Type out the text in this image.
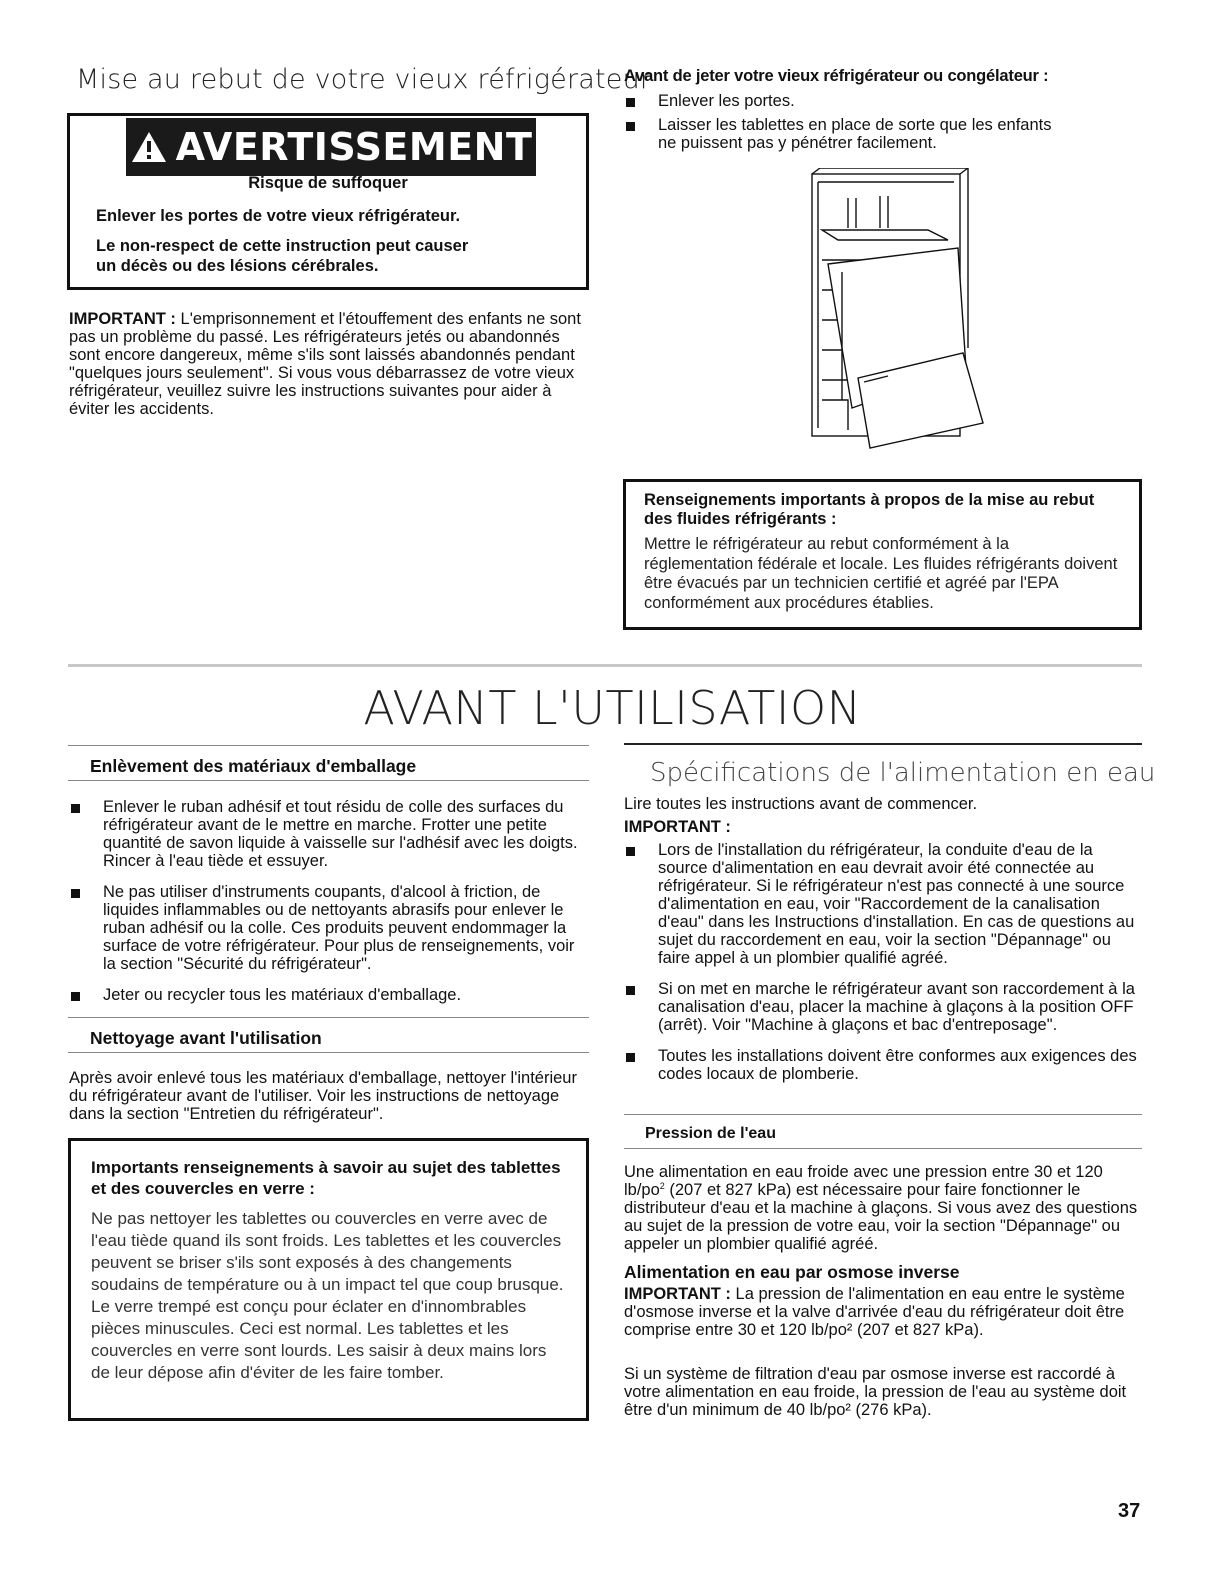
Mise au rebut de votre vieux réfrigérateur
AVERTISSEMENT
Risque de suffoquer
Enlever les portes de votre vieux réfrigérateur.
Le non-respect de cette instruction peut causer
un décès ou des lésions cérébrales.

IMPORTANT : L'emprisonnement et l'étouffement des enfants ne sont pas un problème du passé. Les réfrigérateurs jetés ou abandonnés sont encore dangereux, même s'ils sont laissés abandonnés pendant "quelques jours seulement". Si vous vous débarrassez de votre vieux réfrigérateur, veuillez suivre les instructions suivantes pour aider à éviter les accidents.

Avant de jeter votre vieux réfrigérateur ou congélateur :
Enlever les portes.
Laisser les tablettes en place de sorte que les enfants ne puissent pas y pénétrer facilement.

Renseignements importants à propos de la mise au rebut des fluides réfrigérants :

Mettre le réfrigérateur au rebut conformément à la réglementation fédérale et locale. Les fluides réfrigérants doivent être évacués par un technicien certifié et agréé par l'EPA conformément aux procédures établies.

AVANT L'UTILISATION
Enlèvement des matériaux d'emballage
Enlever le ruban adhésif et tout résidu de colle des surfaces du réfrigérateur avant de le mettre en marche. Frotter une petite quantité de savon liquide à vaisselle sur l'adhésif avec les doigts. Rincer à l'eau tiède et essuyer.
Ne pas utiliser d'instruments coupants, d'alcool à friction, de liquides inflammables ou de nettoyants abrasifs pour enlever le ruban adhésif ou la colle. Ces produits peuvent endommager la surface de votre réfrigérateur. Pour plus de renseignements, voir la section "Sécurité du réfrigérateur".
Jeter ou recycler tous les matériaux d'emballage.
Nettoyage avant l'utilisation

Après avoir enlevé tous les matériaux d'emballage, nettoyer l'intérieur du réfrigérateur avant de l'utiliser. Voir les instructions de nettoyage dans la section "Entretien du réfrigérateur".

Importants renseignements à savoir au sujet des tablettes et des couvercles en verre :

Ne pas nettoyer les tablettes ou couvercles en verre avec de l'eau tiède quand ils sont froids. Les tablettes et les couvercles peuvent se briser s'ils sont exposés à des changements soudains de température ou à un impact tel que coup brusque. Le verre trempé est conçu pour éclater en d'innombrables pièces minuscules. Ceci est normal. Les tablettes et les couvercles en verre sont lourds. Les saisir à deux mains lors de leur dépose afin d'éviter de les faire tomber.

Spécifications de l'alimentation en eau

Lire toutes les instructions avant de commencer.

IMPORTANT :

Lors de l'installation du réfrigérateur, la conduite d'eau de la source d'alimentation en eau devrait avoir été connectée au réfrigérateur. Si le réfrigérateur n'est pas connecté à une source d'alimentation en eau, voir "Raccordement de la canalisation d'eau" dans les Instructions d'installation. En cas de questions au sujet du raccordement en eau, voir la section "Dépannage" ou faire appel à un plombier qualifié agréé.
Si on met en marche le réfrigérateur avant son raccordement à la canalisation d'eau, placer la machine à glaçons à la position OFF (arrêt). Voir "Machine à glaçons et bac d'entreposage".
Toutes les installations doivent être conformes aux exigences des codes locaux de plomberie.
Pression de l'eau

Une alimentation en eau froide avec une pression entre 30 et 120 $lb/po^2$ (207 et 827 kPa) est nécessaire pour faire fonctionner le distributeur d'eau et la machine à glaçons. Si vous avez des questions au sujet de la pression de votre eau, voir la section "Dépannage" ou appeler un plombier qualifié agréé.

Alimentation en eau par osmose inverse

IMPORTANT : La pression de l'alimentation en eau entre le système d'osmose inverse et la valve d'arrivée d'eau du réfrigérateur doit être comprise entre 30 et 120 lb/po² (207 et 827 kPa).

Si un système de filtration d'eau par osmose inverse est raccordé à votre alimentation en eau froide, la pression de l'eau au système doit être d'un minimum de 40 lb/po² (276 kPa).

37
